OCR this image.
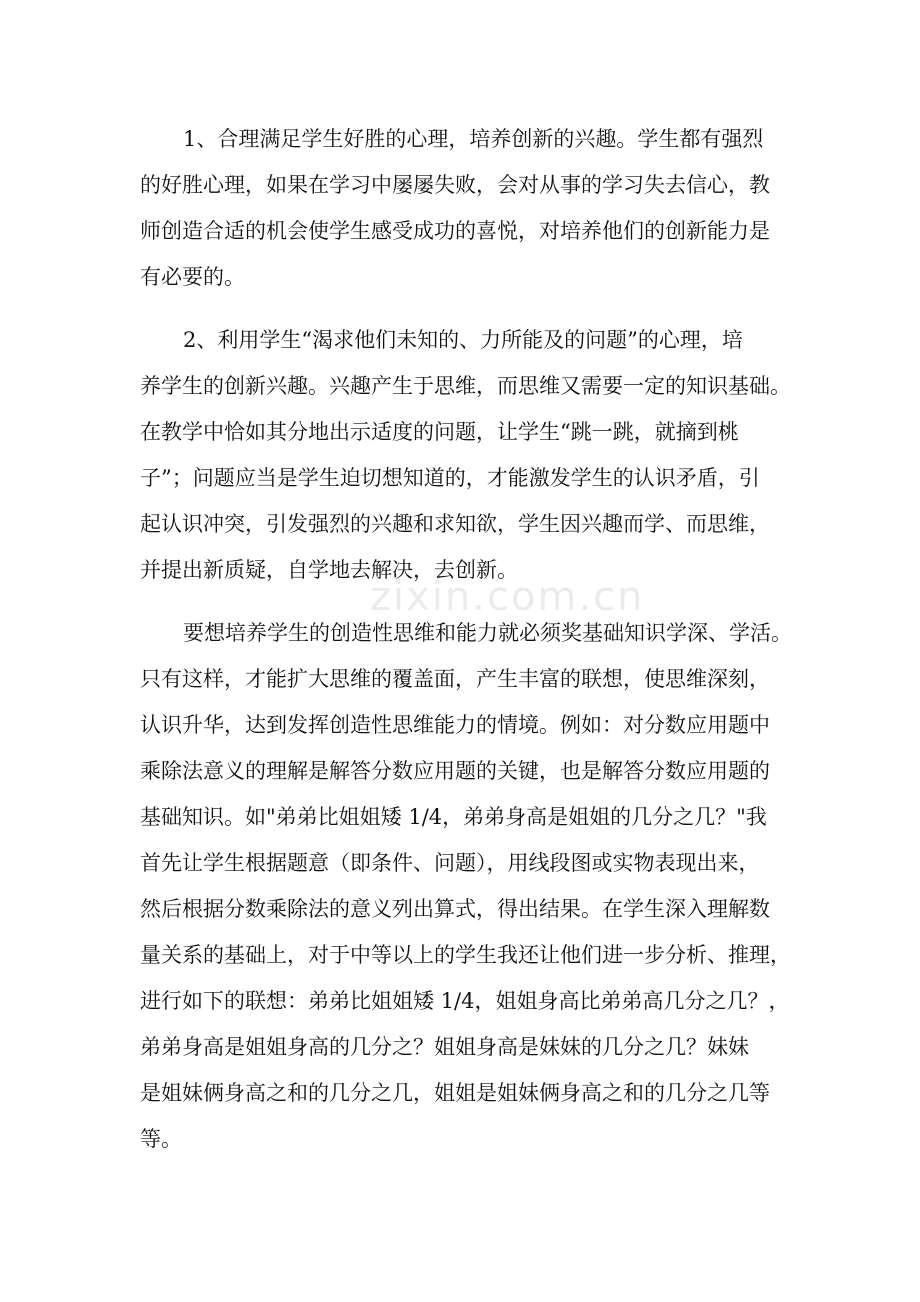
1、合理满足学生好胜的心理，培养创新的兴趣。学生都有强烈

的好胜心理，如果在学习中屡屡失败，会对从事的学习失去信心，教

师创造合适的机会使学生感受成功的喜悦，对培养他们的创新能力是

有必要的。

2、利用学生“渴求他们未知的、力所能及的问题”的心理，培

养学生的创新兴趣。兴趣产生于思维，而思维又需要一定的知识基础。

在教学中恰如其分地出示适度的问题，让学生“跳一跳，就摘到桃

子”；问题应当是学生迫切想知道的，才能激发学生的认识矛盾，引

起认识冲突，引发强烈的兴趣和求知欲，学生因兴趣而学、而思维，

并提出新质疑，自学地去解决，去创新。

zixin.com.cn

要想培养学生的创造性思维和能力就必须奖基础知识学深、学活。

只有这样，才能扩大思维的覆盖面，产生丰富的联想，使思维深刻，

认识升华，达到发挥创造性思维能力的情境。例如：对分数应用题中

乘除法意义的理解是解答分数应用题的关键，也是解答分数应用题的

基础知识。如"弟弟比姐姐矮 1/4，弟弟身高是姐姐的几分之几？"我

首先让学生根据题意（即条件、问题），用线段图或实物表现出来，

然后根据分数乘除法的意义列出算式，得出结果。在学生深入理解数

量关系的基础上，对于中等以上的学生我还让他们进一步分析、推理，

进行如下的联想：弟弟比姐姐矮 1/4，姐姐身高比弟弟高几分之几？，

弟弟身高是姐姐身高的几分之？姐姐身高是妹妹的几分之几？妹妹

是姐妹俩身高之和的几分之几，姐姐是姐妹俩身高之和的几分之几等

等。
